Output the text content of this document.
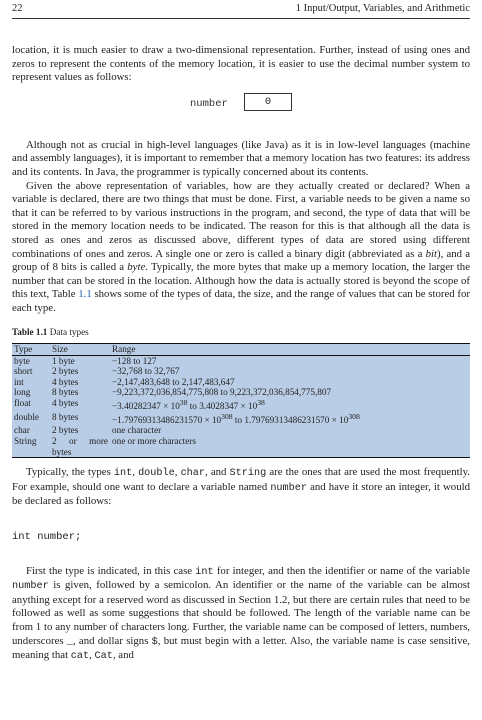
22	1 Input/Output, Variables, and Arithmetic

location, it is much easier to draw a two-dimensional representation. Further, instead of using ones and zeros to represent the contents of the memory location, it is easier to use the decimal number system to represent values as follows:

number	0

Although not as crucial in high-level languages (like Java) as it is in low-level languages (machine and assembly languages), it is important to remember that a memory location has two features: its address and its contents. In Java, the programmer is typically concerned about its contents.

Given the above representation of variables, how are they actually created or declared? When a variable is declared, there are two things that must be done. First, a variable needs to be given a name so that it can be referred to by various instructions in the program, and second, the type of data that will be stored in the memory location needs to be indicated. The reason for this is that although all the data is stored as ones and zeros as discussed above, different types of data are stored using different combinations of ones and zeros. A single one or zero is called a binary digit (abbreviated as a bit), and a group of 8 bits is called a byte. Typically, the more bytes that make up a memory location, the larger the number that can be stored in the location. Although how the data is actually stored is beyond the scope of this text, Table 1.1 shows some of the types of data, the size, and the range of values that can be stored for each type.

Table 1.1 Data types
Type	Size	Range
byte	1 byte	−128 to 127
short	2 bytes	−32,768 to 32,767
int	4 bytes	−2,147,483,648 to 2,147,483,647
long	8 bytes	−9,223,372,036,854,775,808 to 9,223,372,036,854,775,807
float	4 bytes	$-3.40282347 \times 10^{38}$ to $3.4028347 \times 10^{38}$
double	8 bytes	$-1.79769313486231570 \times 10^{308}$ to $1.79769313486231570 \times 10^{308}$
char	2 bytes	one character
String	2 or more bytes	one or more characters

Typically, the types int, double, char, and String are the ones that are used the most frequently. For example, should one want to declare a variable named number and have it store an integer, it would be declared as follows:

int number;

First the type is indicated, in this case int for integer, and then the identifier or name of the variable number is given, followed by a semicolon. An identifier or the name of the variable can be almost anything except for a reserved word as discussed in Section 1.2, but there are certain rules that need to be followed as well as some suggestions that should be followed. The length of the variable name can be from 1 to any number of characters long. Further, the variable name can be composed of letters, numbers, underscores _, and dollar signs $, but must begin with a letter. Also, the variable name is case sensitive, meaning that cat, Cat, and
